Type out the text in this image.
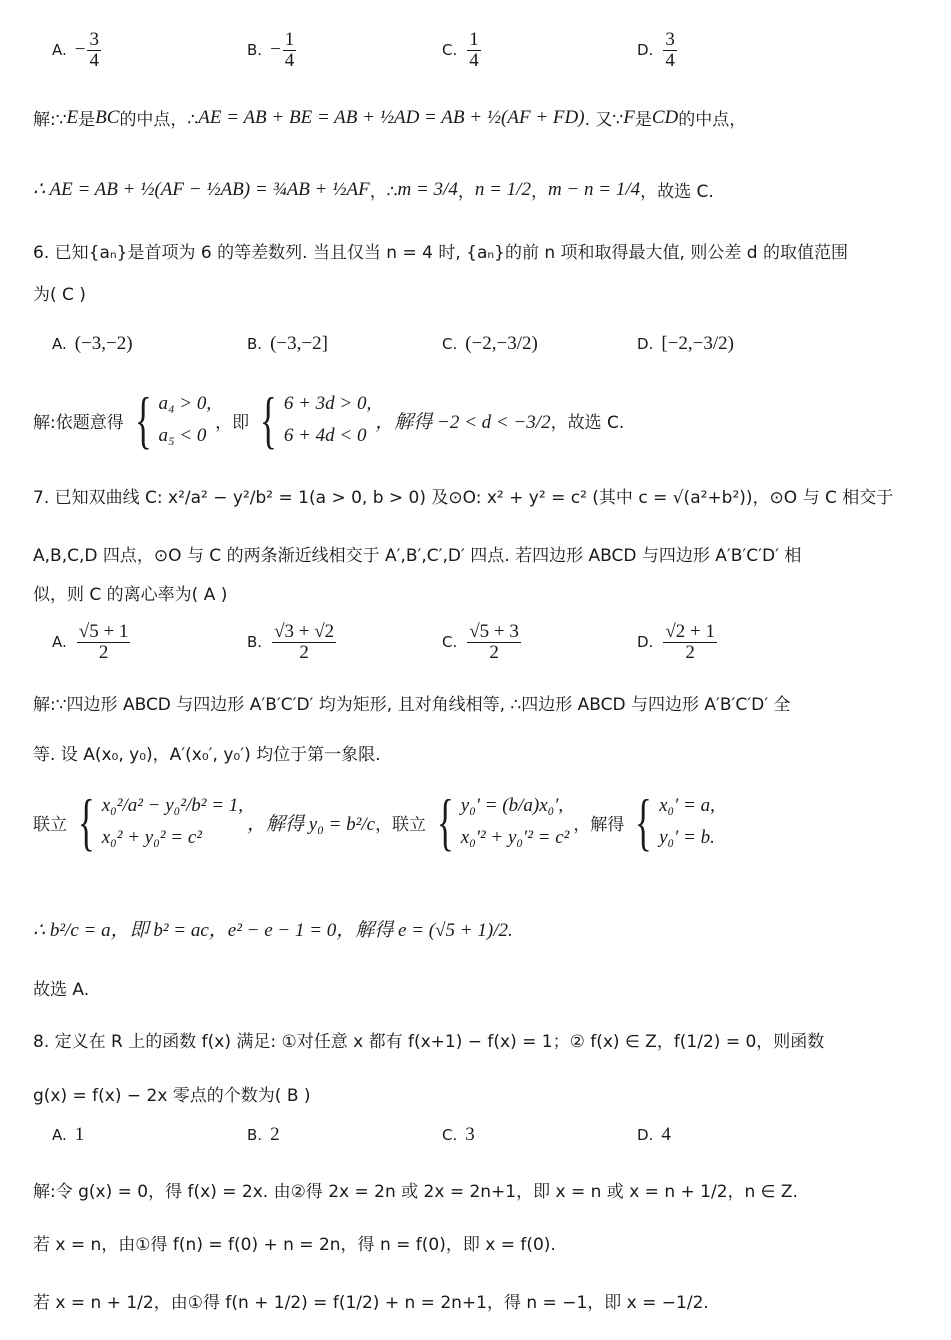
A. − $\frac{3}{4}$	B. − $\frac{1}{4}$	C. $\frac{1}{4}$	D. $\frac{3}{4}$
解:∵ E 是 BC 的中点，∴ AE = AB + BE = AB + ½AD = AB + ½(AF + FD) . 又∵ F 是 CD 的中点，
∴ AE = AB + ½(AF − ½AB) = ¾AB + ½AF ，∴ m = 3/4 ， n = 1/2 ， m − n = 1/4 ， 故选 C.
6. 已知{aₙ}是首项为 6 的等差数列. 当且仅当 n = 4 时, {aₙ}的前 n 项和取得最大值, 则公差 d 的取值范围
为( C )
A. (−3,−2)	B. (−3,−2]	C. (−2,−3/2)	D. [−2,−3/2)
解:依题意得 { a₄ > 0,
a₅ < 0
，即 { 6 + 3d > 0,
6 + 4d < 0
，解得 −2 < d < −3/2 ，故选 C.
7. 已知双曲线 C: x²/a² − y²/b² = 1(a > 0, b > 0) 及⊙O: x² + y² = c² (其中 c = √(a²+b²))，⊙O 与 C 相交于
A,B,C,D 四点，⊙O 与 C 的两条渐近线相交于 A′,B′,C′,D′ 四点. 若四边形 ABCD 与四边形 A′B′C′D′ 相
似，则 C 的离心率为( A )
A. $\frac{√5 + 1}{2}$	B. $\frac{√3 + √2}{2}$	C. $\frac{√5 + 3}{2}$	D. $\frac{√2 + 1}{2}$
解:∵四边形 ABCD 与四边形 A′B′C′D′ 均为矩形, 且对角线相等, ∴四边形 ABCD 与四边形 A′B′C′D′ 全
等. 设 A(x₀, y₀)，A′(x₀′, y₀′) 均位于第一象限.
联立 { x₀²/a² − y₀²/b² = 1,
x₀² + y₀² = c²
，解得 y₀ = b²/c ，联立 { y₀′ = (b/a)x₀′,
x₀′² + y₀′² = c²
，解得 { x₀′ = a,
y₀′ = b.
∴ b²/c = a，即 b² = ac，e² − e − 1 = 0，解得 e = (√5 + 1)/2.
故选 A.
8. 定义在 R 上的函数 f(x) 满足: ①对任意 x 都有 f(x+1) − f(x) = 1；② f(x) ∈ Z，f(1/2) = 0，则函数
g(x) = f(x) − 2x 零点的个数为( B )
A. 1	B. 2	C. 3	D. 4
解:令 g(x) = 0，得 f(x) = 2x. 由②得 2x = 2n 或 2x = 2n+1，即 x = n 或 x = n + 1/2，n ∈ Z.
若 x = n，由①得 f(n) = f(0) + n = 2n，得 n = f(0)，即 x = f(0).
若 x = n + 1/2，由①得 f(n + 1/2) = f(1/2) + n = 2n+1，得 n = −1，即 x = −1/2.
